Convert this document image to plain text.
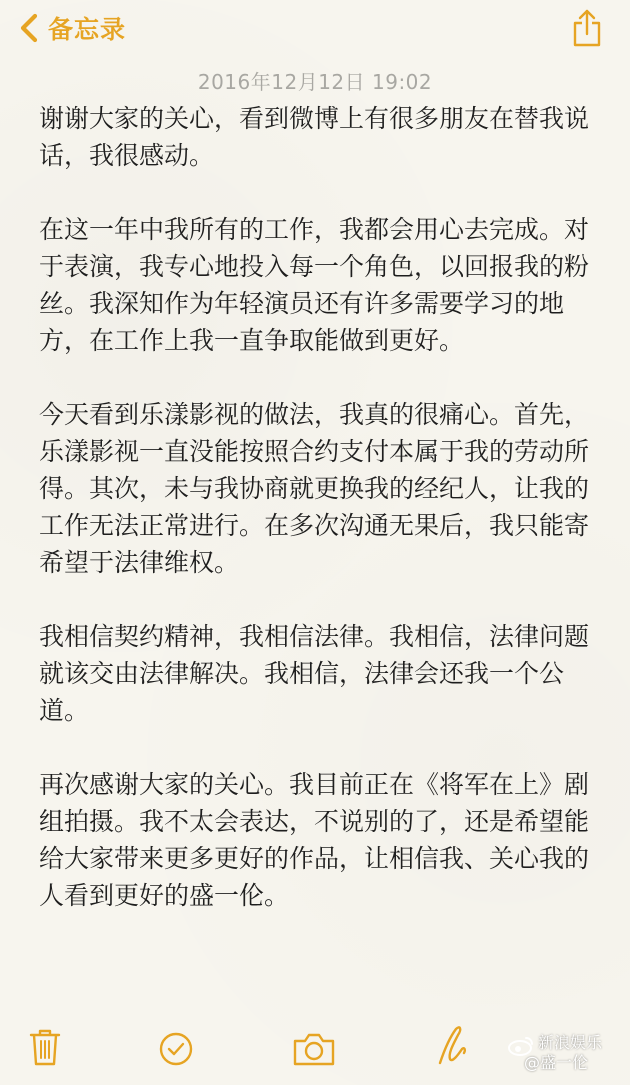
备忘录
2016年12月12日 19:02

谢谢大家的关心，看到微博上有很多朋友在替我说话，我很感动。

在这一年中我所有的工作，我都会用心去完成。对于表演，我专心地投入每一个角色，以回报我的粉丝。我深知作为年轻演员还有许多需要学习的地方，在工作上我一直争取能做到更好。

今天看到乐漾影视的做法，我真的很痛心。首先，乐漾影视一直没能按照合约支付本属于我的劳动所得。其次，未与我协商就更换我的经纪人，让我的工作无法正常进行。在多次沟通无果后，我只能寄希望于法律维权。

我相信契约精神，我相信法律。我相信，法律问题就该交由法律解决。我相信，法律会还我一个公道。

再次感谢大家的关心。我目前正在《将军在上》剧组拍摄。我不太会表达，不说别的了，还是希望能给大家带来更多更好的作品，让相信我、关心我的人看到更好的盛一伦。

新浪娱乐
@盛一伦
